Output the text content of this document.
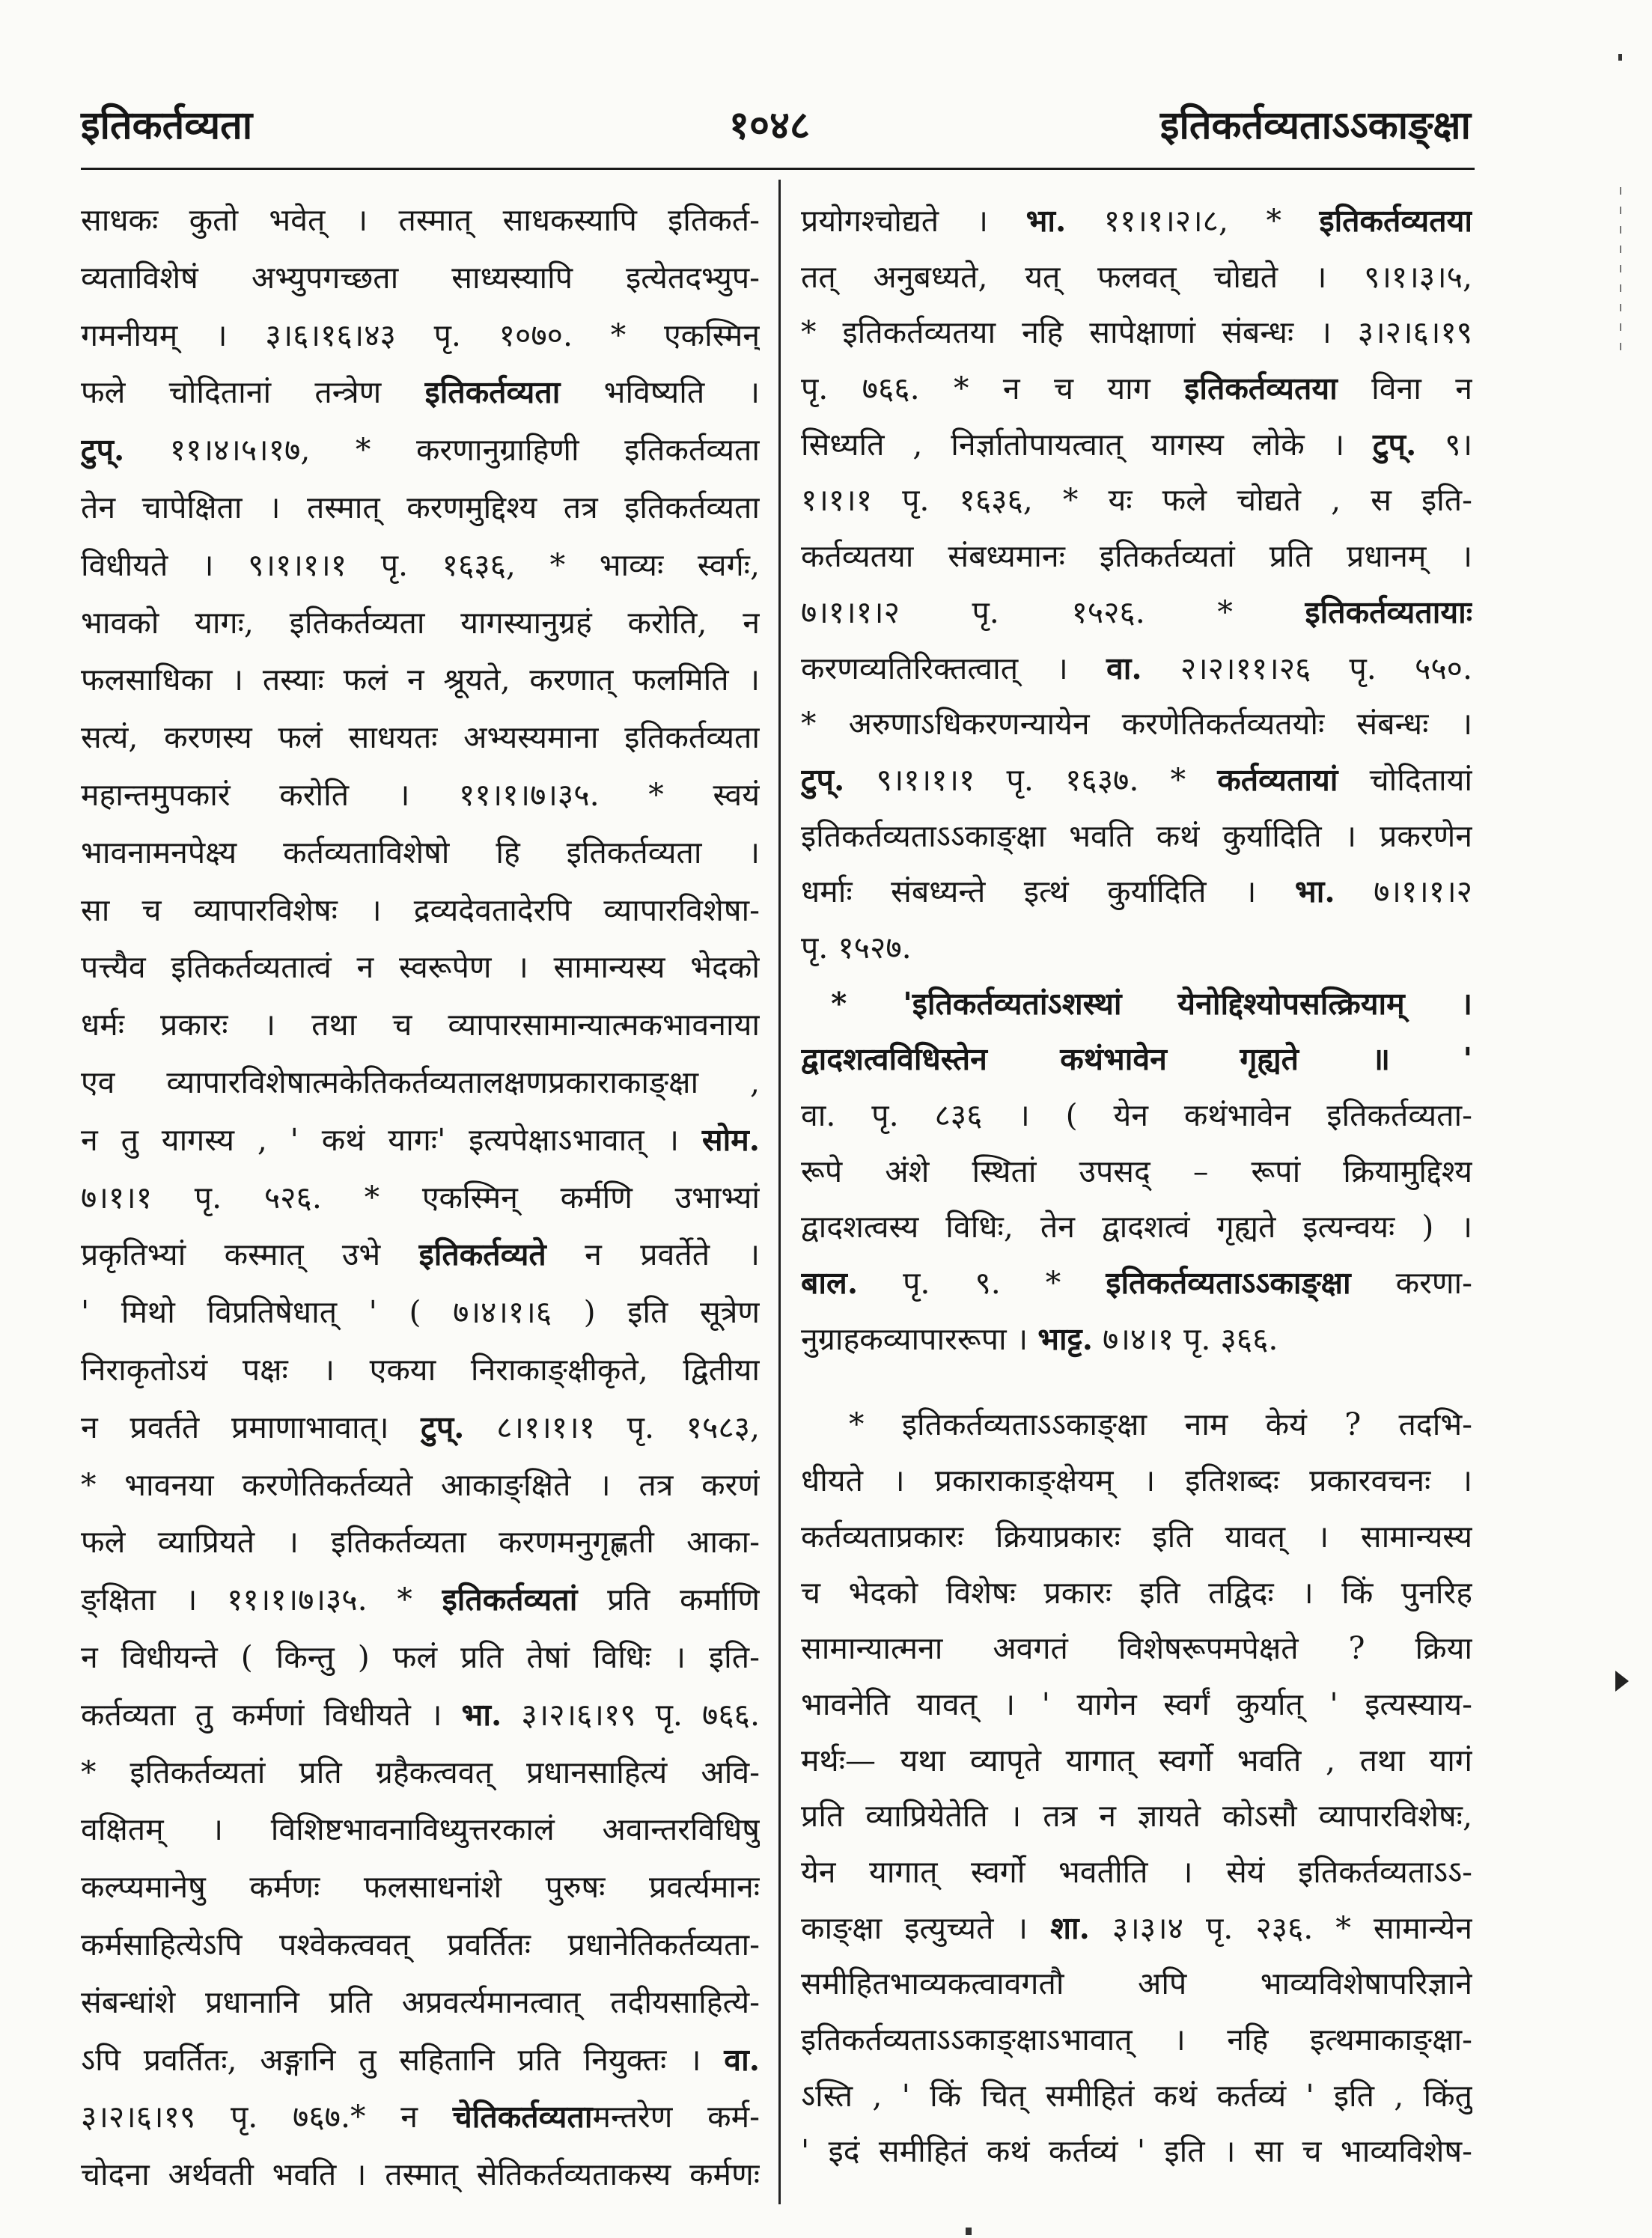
इतिकर्तव्यता	१०४८	इतिकर्तव्यताऽऽकाङ्क्षा
साधकः कुतो भवेत् । तस्मात् साधकस्यापि इतिकर्त-
व्यताविशेषं अभ्युपगच्छता साध्यस्यापि इत्येतदभ्युप-
गमनीयम् । ३।६।१६।४३ पृ. १०७०. * एकस्मिन्
फले चोदितानां तन्त्रेण इतिकर्तव्यता भविष्यति ।
टुप्. ११।४।५।१७, * करणानुग्राहिणी इतिकर्तव्यता
तेन चापेक्षिता । तस्मात् करणमुद्दिश्य तत्र इतिकर्तव्यता
विधीयते । ९।१।१।१ पृ. १६३६, * भाव्यः स्वर्गः,
भावको यागः, इतिकर्तव्यता यागस्यानुग्रहं करोति, न
फलसाधिका । तस्याः फलं न श्रूयते, करणात् फलमिति ।
सत्यं, करणस्य फलं साधयतः अभ्यस्यमाना इतिकर्तव्यता
महान्तमुपकारं करोति । ११।१।७।३५. * स्वयं
भावनामनपेक्ष्य कर्तव्यताविशेषो हि इतिकर्तव्यता ।
सा च व्यापारविशेषः । द्रव्यदेवतादेरपि व्यापारविशेषा-
पत्त्यैव इतिकर्तव्यतात्वं न स्वरूपेण । सामान्यस्य भेदको
धर्मः प्रकारः । तथा च व्यापारसामान्यात्मकभावनाया
एव व्यापारविशेषात्मकेतिकर्तव्यतालक्षणप्रकाराकाङ्क्षा ,
न तु यागस्य , ' कथं यागः' इत्यपेक्षाऽभावात् । सोम.
७।१।१ पृ. ५२६. * एकस्मिन् कर्मणि उभाभ्यां
प्रकृतिभ्यां कस्मात् उभे इतिकर्तव्यते न प्रवर्तेते ।
' मिथो विप्रतिषेधात् ' ( ७।४।१।६ ) इति सूत्रेण
निराकृतोऽयं पक्षः । एकया निराकाङ्क्षीकृते, द्वितीया
न प्रवर्तते प्रमाणाभावात्। टुप्. ८।१।१।१ पृ. १५८३,
* भावनया करणेतिकर्तव्यते आकाङ्क्षिते । तत्र करणं
फले व्याप्रियते । इतिकर्तव्यता करणमनुगृह्णती आका-
ङ्क्षिता । ११।१।७।३५. * इतिकर्तव्यतां प्रति कर्माणि
न विधीयन्ते ( किन्तु ) फलं प्रति तेषां विधिः । इति-
कर्तव्यता तु कर्मणां विधीयते । भा. ३।२।६।१९ पृ. ७६६.
* इतिकर्तव्यतां प्रति ग्रहैकत्ववत् प्रधानसाहित्यं अवि-
वक्षितम् । विशिष्टभावनाविध्युत्तरकालं अवान्तरविधिषु
कल्प्यमानेषु कर्मणः फलसाधनांशे पुरुषः प्रवर्त्यमानः
कर्मसाहित्येऽपि पश्वेकत्ववत् प्रवर्तितः प्रधानेतिकर्तव्यता-
संबन्धांशे प्रधानानि प्रति अप्रवर्त्यमानत्वात् तदीयसाहित्ये-
ऽपि प्रवर्तितः, अङ्गानि तु सहितानि प्रति नियुक्तः । वा.
३।२।६।१९ पृ. ७६७.* न चेतिकर्तव्यतामन्तरेण कर्म-
चोदना अर्थवती भवति । तस्मात् सेतिकर्तव्यताकस्य कर्मणः
प्रयोगश्चोद्यते । भा. ११।१।२।८, * इतिकर्तव्यतया
तत् अनुबध्यते, यत् फलवत् चोद्यते । ९।१।३।५,
* इतिकर्तव्यतया नहि सापेक्षाणां संबन्धः । ३।२।६।१९
पृ. ७६६. * न च याग इतिकर्तव्यतया विना न
सिध्यति , निर्ज्ञातोपायत्वात् यागस्य लोके । टुप्. ९।
१।१।१ पृ. १६३६, * यः फले चोद्यते , स इति-
कर्तव्यतया संबध्यमानः इतिकर्तव्यतां प्रति प्रधानम् ।
७।१।१।२ पृ. १५२६. * इतिकर्तव्यतायाः
करणव्यतिरिक्तत्वात् । वा. २।२।११।२६ पृ. ५५०.
* अरुणाऽधिकरणन्यायेन करणेतिकर्तव्यतयोः संबन्धः ।
टुप्. ९।१।१।१ पृ. १६३७. * कर्तव्यतायां चोदितायां
इतिकर्तव्यताऽऽकाङ्क्षा भवति कथं कुर्यादिति । प्रकरणेन
धर्माः संबध्यन्ते इत्थं कुर्यादिति । भा. ७।१।१।२
पृ. १५२७.
* 'इतिकर्तव्यतांऽशस्थां येनोद्दिश्योपसत्क्रियाम् ।
द्वादशत्वविधिस्तेन कथंभावेन गृह्यते ॥ '
वा. पृ. ८३६ । ( येन कथंभावेन इतिकर्तव्यता-
रूपे अंशे स्थितां उपसद् – रूपां क्रियामुद्दिश्य
द्वादशत्वस्य विधिः, तेन द्वादशत्वं गृह्यते इत्यन्वयः ) ।
बाल. पृ. ९. * इतिकर्तव्यताऽऽकाङ्क्षा करणा-
नुग्राहकव्यापाररूपा । भाट्ट. ७।४।१ पृ. ३६६.
* इतिकर्तव्यताऽऽकाङ्क्षा नाम केयं ? तदभि-
धीयते । प्रकाराकाङ्क्षेयम् । इतिशब्दः प्रकारवचनः ।
कर्तव्यताप्रकारः क्रियाप्रकारः इति यावत् । सामान्यस्य
च भेदको विशेषः प्रकारः इति तद्विदः । किं पुनरिह
सामान्यात्मना अवगतं विशेषरूपमपेक्षते ? क्रिया
भावनेति यावत् । ' यागेन स्वर्गं कुर्यात् ' इत्यस्याय-
मर्थः— यथा व्यापृते यागात् स्वर्गो भवति , तथा यागं
प्रति व्याप्रियेतेति । तत्र न ज्ञायते कोऽसौ व्यापारविशेषः,
येन यागात् स्वर्गो भवतीति । सेयं इतिकर्तव्यताऽऽ-
काङ्क्षा इत्युच्यते । शा. ३।३।४ पृ. २३६. * सामान्येन
समीहितभाव्यकत्वावगतौ अपि भाव्यविशेषापरिज्ञाने
इतिकर्तव्यताऽऽकाङ्क्षाऽभावात् । नहि इत्थमाकाङ्क्षा-
ऽस्ति , ' किं चित् समीहितं कथं कर्तव्यं ' इति , किंतु
' इदं समीहितं कथं कर्तव्यं ' इति । सा च भाव्यविशेष-
